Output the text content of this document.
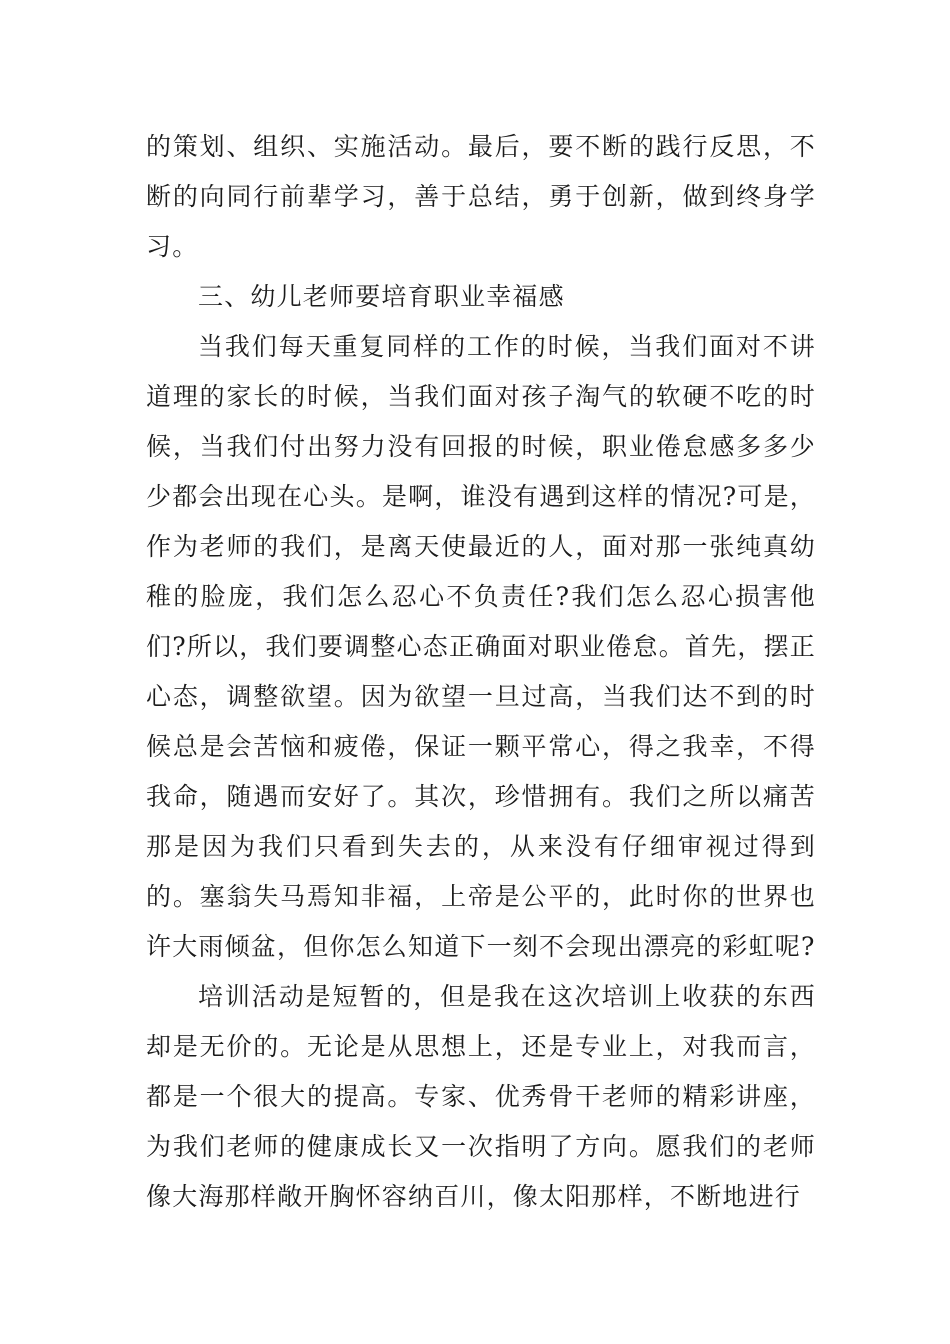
的策划、组织、实施活动。最后，要不断的践行反思，不断的向同行前辈学习，善于总结，勇于创新，做到终身学习。

三、幼儿老师要培育职业幸福感

当我们每天重复同样的工作的时候，当我们面对不讲道理的家长的时候，当我们面对孩子淘气的软硬不吃的时候，当我们付出努力没有回报的时候，职业倦怠感多多少少都会出现在心头。是啊，谁没有遇到这样的情况?可是，作为老师的我们，是离天使最近的人，面对那一张纯真幼稚的脸庞，我们怎么忍心不负责任?我们怎么忍心损害他们?所以，我们要调整心态正确面对职业倦怠。首先，摆正心态，调整欲望。因为欲望一旦过高，当我们达不到的时候总是会苦恼和疲倦，保证一颗平常心，得之我幸，不得我命，随遇而安好了。其次，珍惜拥有。我们之所以痛苦那是因为我们只看到失去的，从来没有仔细审视过得到的。塞翁失马焉知非福，上帝是公平的，此时你的世界也许大雨倾盆，但你怎么知道下一刻不会现出漂亮的彩虹呢?

培训活动是短暂的，但是我在这次培训上收获的东西却是无价的。无论是从思想上，还是专业上，对我而言，都是一个很大的提高。专家、优秀骨干老师的精彩讲座，为我们老师的健康成长又一次指明了方向。愿我们的老师像大海那样敞开胸怀容纳百川，像太阳那样，不断地进行
